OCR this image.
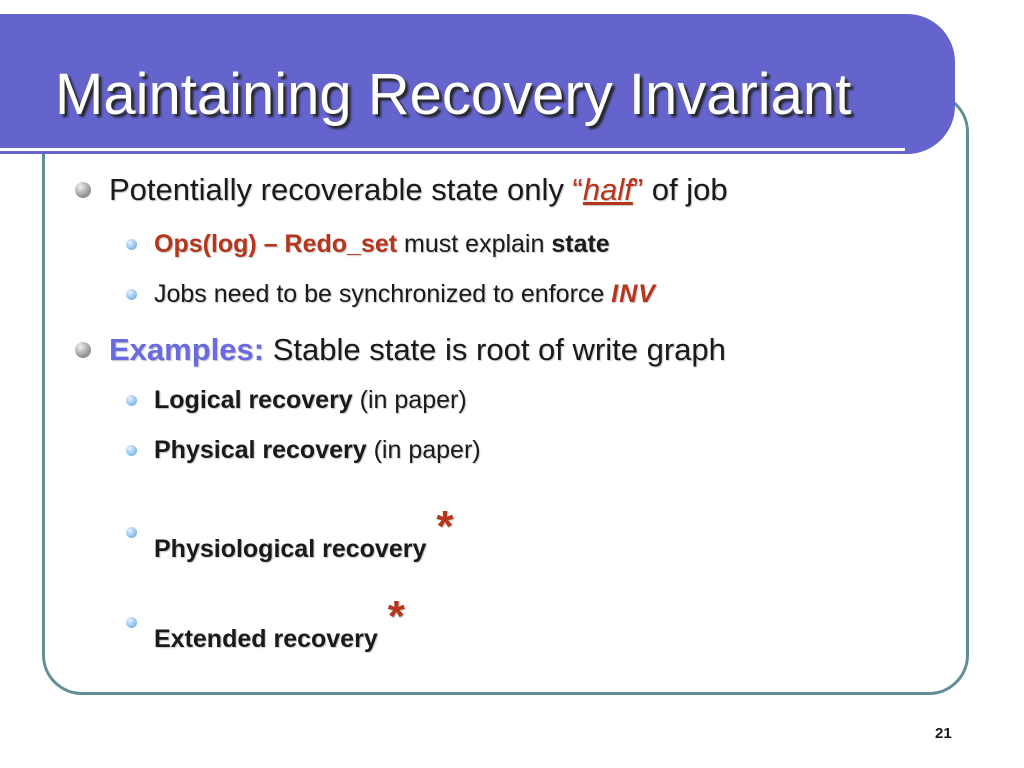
Maintaining Recovery Invariant
Potentially recoverable state only “half” of job
Ops(log) – Redo_set must explain state
Jobs need to be synchronized to enforce INV
Examples: Stable state is root of write graph
Logical recovery (in paper)
Physical recovery (in paper)
Physiological recovery *
Extended recovery *
21
